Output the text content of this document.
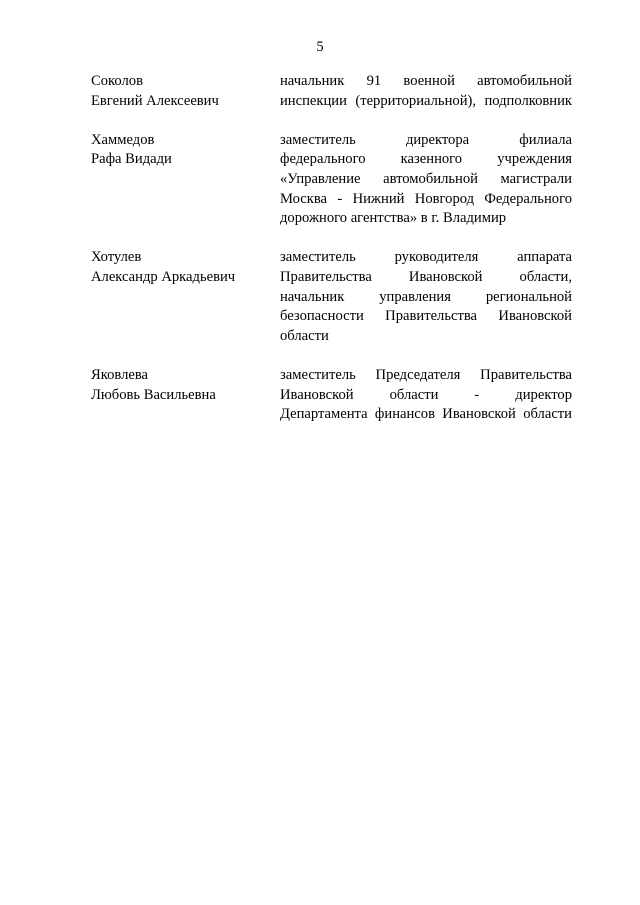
5
Соколов
Евгений Алексеевич
начальник 91 военной автомобильной
инспекции (территориальной), подполковник
Хаммедов
Рафа Видади
заместитель директора филиала
федерального казенного учреждения
«Управление автомобильной магистрали
Москва - Нижний Новгород Федерального
дорожного агентства» в г. Владимир
Хотулев
Александр Аркадьевич
заместитель руководителя аппарата
Правительства Ивановской области,
начальник управления региональной
безопасности Правительства Ивановской
области
Яковлева
Любовь Васильевна
заместитель Председателя Правительства
Ивановской области - директор
Департамента финансов Ивановской области
